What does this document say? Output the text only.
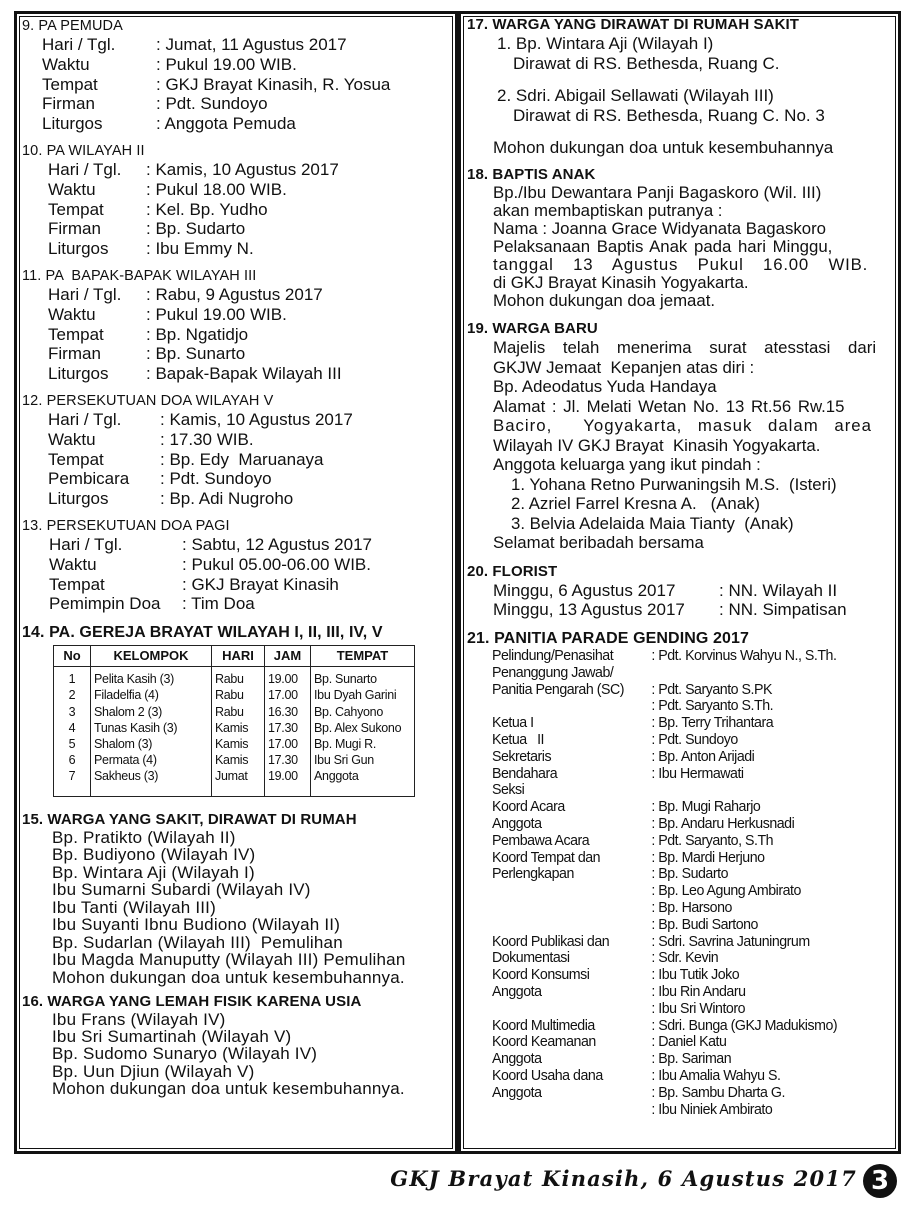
9. PA PEMUDA
Hari / Tgl.	: Jumat, 11 Agustus 2017
Waktu	: Pukul 19.00 WIB.
Tempat	: GKJ Brayat Kinasih, R. Yosua
Firman	: Pdt. Sundoyo
Liturgos	: Anggota Pemuda
10. PA WILAYAH II
Hari / Tgl.	: Kamis, 10 Agustus 2017
Waktu	: Pukul 18.00 WIB.
Tempat	: Kel. Bp. Yudho
Firman	: Bp. Sudarto
Liturgos	: Ibu Emmy N.
11. PA  BAPAK-BAPAK WILAYAH III
Hari / Tgl.	: Rabu, 9 Agustus 2017
Waktu	: Pukul 19.00 WIB.
Tempat	: Bp. Ngatidjo
Firman	: Bp. Sunarto
Liturgos	: Bapak-Bapak Wilayah III
12. PERSEKUTUAN DOA WILAYAH V
Hari / Tgl.	: Kamis, 10 Agustus 2017
Waktu	: 17.30 WIB.
Tempat	: Bp. Edy  Maruanaya
Pembicara	: Pdt. Sundoyo
Liturgos	: Bp. Adi Nugroho
13. PERSEKUTUAN DOA PAGI
Hari / Tgl.	: Sabtu, 12 Agustus 2017
Waktu	: Pukul 05.00-06.00 WIB.
Tempat	: GKJ Brayat Kinasih
Pemimpin Doa	: Tim Doa
14. PA. GEREJA BRAYAT WILAYAH I, II, III, IV, V
No	KELOMPOK	HARI	JAM	TEMPAT
1	Pelita Kasih (3)	Rabu	19.00	Bp. Sunarto
2	Filadelfia (4)	Rabu	17.00	Ibu Dyah Garini
3	Shalom 2 (3)	Rabu	16.30	Bp. Cahyono
4	Tunas Kasih (3)	Kamis	17.30	Bp. Alex Sukono
5	Shalom (3)	Kamis	17.00	Bp. Mugi R.
6	Permata (4)	Kamis	17.30	Ibu Sri Gun
7	Sakheus (3)	Jumat	19.00	Anggota
15. WARGA YANG SAKIT, DIRAWAT DI RUMAH
Bp. Pratikto (Wilayah II)
Bp. Budiyono (Wilayah IV)
Bp. Wintara Aji (Wilayah I)
Ibu Sumarni Subardi (Wilayah IV)
Ibu Tanti (Wilayah III)
Ibu Suyanti Ibnu Budiono (Wilayah II)
Bp. Sudarlan (Wilayah III)  Pemulihan
Ibu Magda Manuputty (Wilayah III) Pemulihan
Mohon dukungan doa untuk kesembuhannya.
16. WARGA YANG LEMAH FISIK KARENA USIA
Ibu Frans (Wilayah IV)
Ibu Sri Sumartinah (Wilayah V)
Bp. Sudomo Sunaryo (Wilayah IV)
Bp. Uun Djiun (Wilayah V)
Mohon dukungan doa untuk kesembuhannya.
17. WARGA YANG DIRAWAT DI RUMAH SAKIT
1. Bp. Wintara Aji (Wilayah I)
Dirawat di RS. Bethesda, Ruang C.
2. Sdri. Abigail Sellawati (Wilayah III)
Dirawat di RS. Bethesda, Ruang C. No. 3
Mohon dukungan doa untuk kesembuhannya
18. BAPTIS ANAK
Bp./Ibu Dewantara Panji Bagaskoro (Wil. III)
akan membaptiskan putranya :
Nama : Joanna Grace Widyanata Bagaskoro
Pelaksanaan Baptis Anak pada hari Minggu,
tanggal 13 Agustus Pukul 16.00 WIB.
di GKJ Brayat Kinasih Yogyakarta.
Mohon dukungan doa jemaat.
19. WARGA BARU
Majelis telah menerima surat atesstasi dari
GKJW Jemaat  Kepanjen atas diri :
Bp. Adeodatus Yuda Handaya
Alamat : Jl. Melati Wetan No. 13 Rt.56 Rw.15
Baciro,  Yogyakarta, masuk dalam area
Wilayah IV GKJ Brayat  Kinasih Yogyakarta.
Anggota keluarga yang ikut pindah :
1. Yohana Retno Purwaningsih M.S.  (Isteri)
2. Azriel Farrel Kresna A.   (Anak)
3. Belvia Adelaida Maia Tianty  (Anak)
Selamat beribadah bersama
20. FLORIST
Minggu, 6 Agustus 2017	: NN. Wilayah II
Minggu, 13 Agustus 2017	: NN. Simpatisan
21. PANITIA PARADE GENDING 2017
Pelindung/Penasihat	: Pdt. Korvinus Wahyu N., S.Th.
Penanggung Jawab/
Panitia Pengarah (SC)	: Pdt. Saryanto S.PK
: Pdt. Saryanto S.Th.
Ketua I	: Bp. Terry Trihantara
Ketua   II	: Pdt. Sundoyo
Sekretaris	: Bp. Anton Arijadi
Bendahara	: Ibu Hermawati
Seksi
Koord Acara	: Bp. Mugi Raharjo
Anggota	: Bp. Andaru Herkusnadi
Pembawa Acara	: Pdt. Saryanto, S.Th
Koord Tempat dan	: Bp. Mardi Herjuno
Perlengkapan	: Bp. Sudarto
: Bp. Leo Agung Ambirato
: Bp. Harsono
: Bp. Budi Sartono
Koord Publikasi dan	: Sdri. Savrina Jatuningrum
Dokumentasi	: Sdr. Kevin
Koord Konsumsi	: Ibu Tutik Joko
Anggota	: Ibu Rin Andaru
: Ibu Sri Wintoro
Koord Multimedia	: Sdri. Bunga (GKJ Madukismo)
Koord Keamanan	: Daniel Katu
Anggota	: Bp. Sariman
Koord Usaha dana	: Ibu Amalia Wahyu S.
Anggota	: Bp. Sambu Dharta G.
: Ibu Niniek Ambirato
GKJ Brayat Kinasih, 6 Agustus 2017 3
